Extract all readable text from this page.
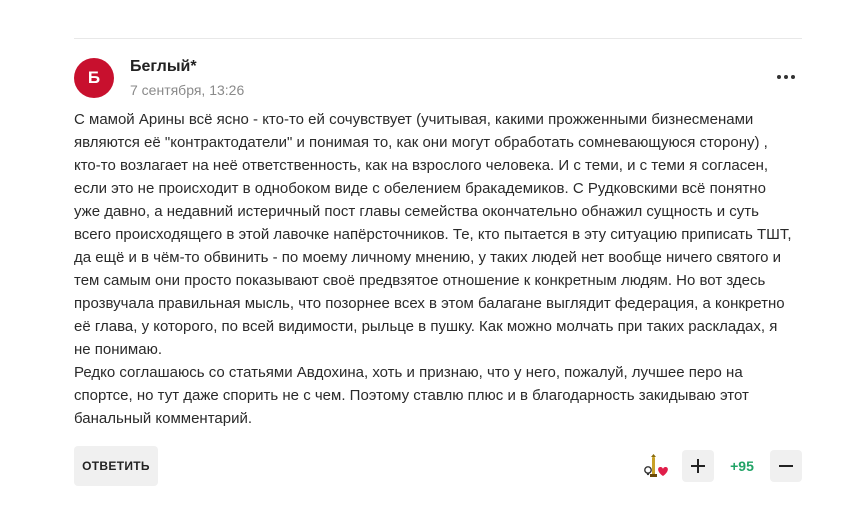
Б
Беглый*
7 сентября, 13:26

С мамой Арины всё ясно - кто-то ей сочувствует (учитывая, какими прожженными бизнесменами являются её "контрактодатели" и понимая то, как они могут обработать сомневающуюся сторону) , кто-то возлагает на неё ответственность, как на взрослого человека. И с теми, и с теми я согласен, если это не происходит в однобоком виде с обелением бракадемиков. С Рудковскими всё понятно уже давно, а недавний истеричный пост главы семейства окончательно обнажил сущность и суть всего происходящего в этой лавочке напёрсточников. Те, кто пытается в эту ситуацию приписать ТШТ, да ещё и в чём-то обвинить - по моему личному мнению, у таких людей нет вообще ничего святого и тем самым они просто показывают своё предвзятое отношение к конкретным людям. Но вот здесь прозвучала правильная мысль, что позорнее всех в этом балагане выглядит федерация, а конкретно её глава, у которого, по всей видимости, рыльце в пушку. Как можно молчать при таких раскладах, я не понимаю.

Редко соглашаюсь со статьями Авдохина, хоть и признаю, что у него, пожалуй, лучшее перо на спортсе, но тут даже спорить не с чем. Поэтому ставлю плюс и в благодарность закидываю этот банальный комментарий.

ОТВЕТИТЬ	+95
